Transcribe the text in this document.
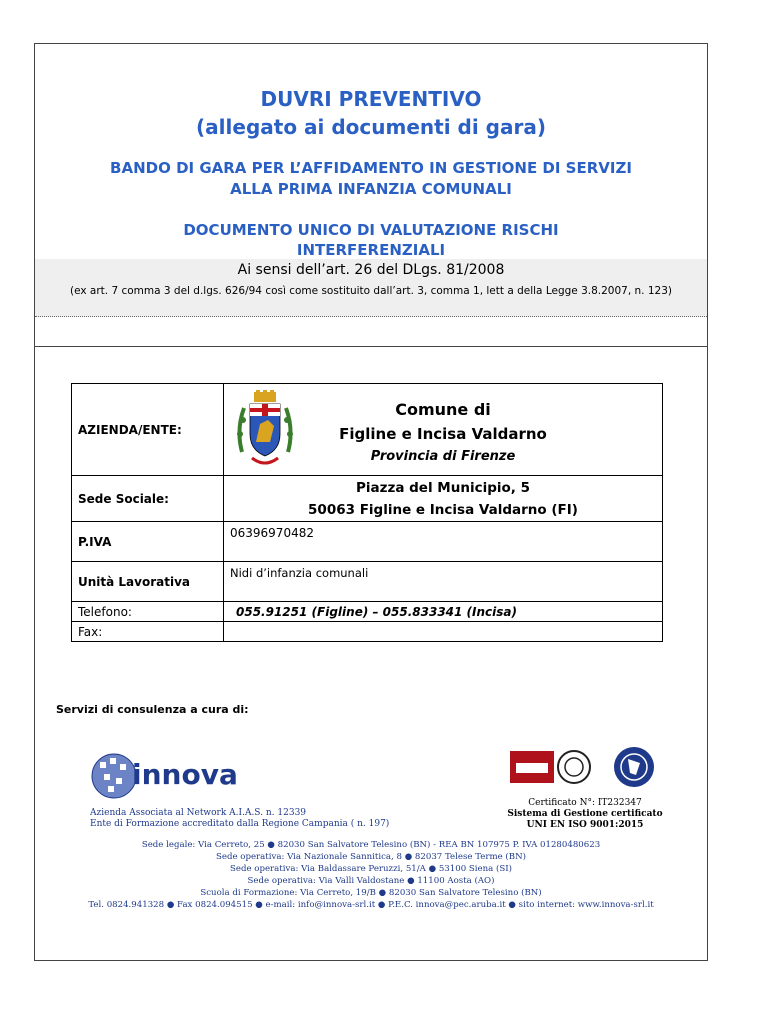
DUVRI PREVENTIVO
(allegato ai documenti di gara)
BANDO DI GARA PER L’AFFIDAMENTO IN GESTIONE DI SERVIZI
ALLA PRIMA INFANZIA COMUNALI
DOCUMENTO UNICO DI VALUTAZIONE RISCHI
INTERFERENZIALI
Ai sensi dell’art. 26 del DLgs. 81/2008
(ex art. 7 comma 3 del d.lgs. 626/94 così come sostituito dall’art. 3, comma 1, lett a della Legge 3.8.2007, n. 123)
AZIENDA/ENTE:	Comune di
Figline e Incisa Valdarno
Provincia di Firenze

Sede Sociale:	Piazza del Municipio, 5
50063 Figline e Incisa Valdarno (FI)

P.IVA	06396970482
Unità Lavorativa	Nidi d’infanzia comunali
Telefono:	055.91251 (Figline) – 055.833341 (Incisa)
Fax:	
Servizi di consulenza a cura di:
innova
Azienda Associata al Network A.I.A.S. n. 12339
Ente di Formazione accreditato dalla Regione Campania ( n. 197)
Certificato N°: IT232347
Sistema di Gestione certificato
UNI EN ISO 9001:2015
Sede legale: Via Cerreto, 25 ● 82030 San Salvatore Telesino (BN) - REA BN 107975 P. IVA 01280480623
Sede operativa: Via Nazionale Sannitica, 8 ● 82037 Telese Terme (BN)
Sede operativa: Via Baldassare Peruzzi, 51/A ● 53100 Siena (SI)
Sede operativa: Via Valli Valdostane ● 11100 Aosta (AO)
Scuola di Formazione: Via Cerreto, 19/B ● 82030 San Salvatore Telesino (BN)
Tel. 0824.941328 ● Fax 0824.094515 ● e-mail: info@innova-srl.it ● P.E.C. innova@pec.aruba.it ● sito internet: www.innova-srl.it
